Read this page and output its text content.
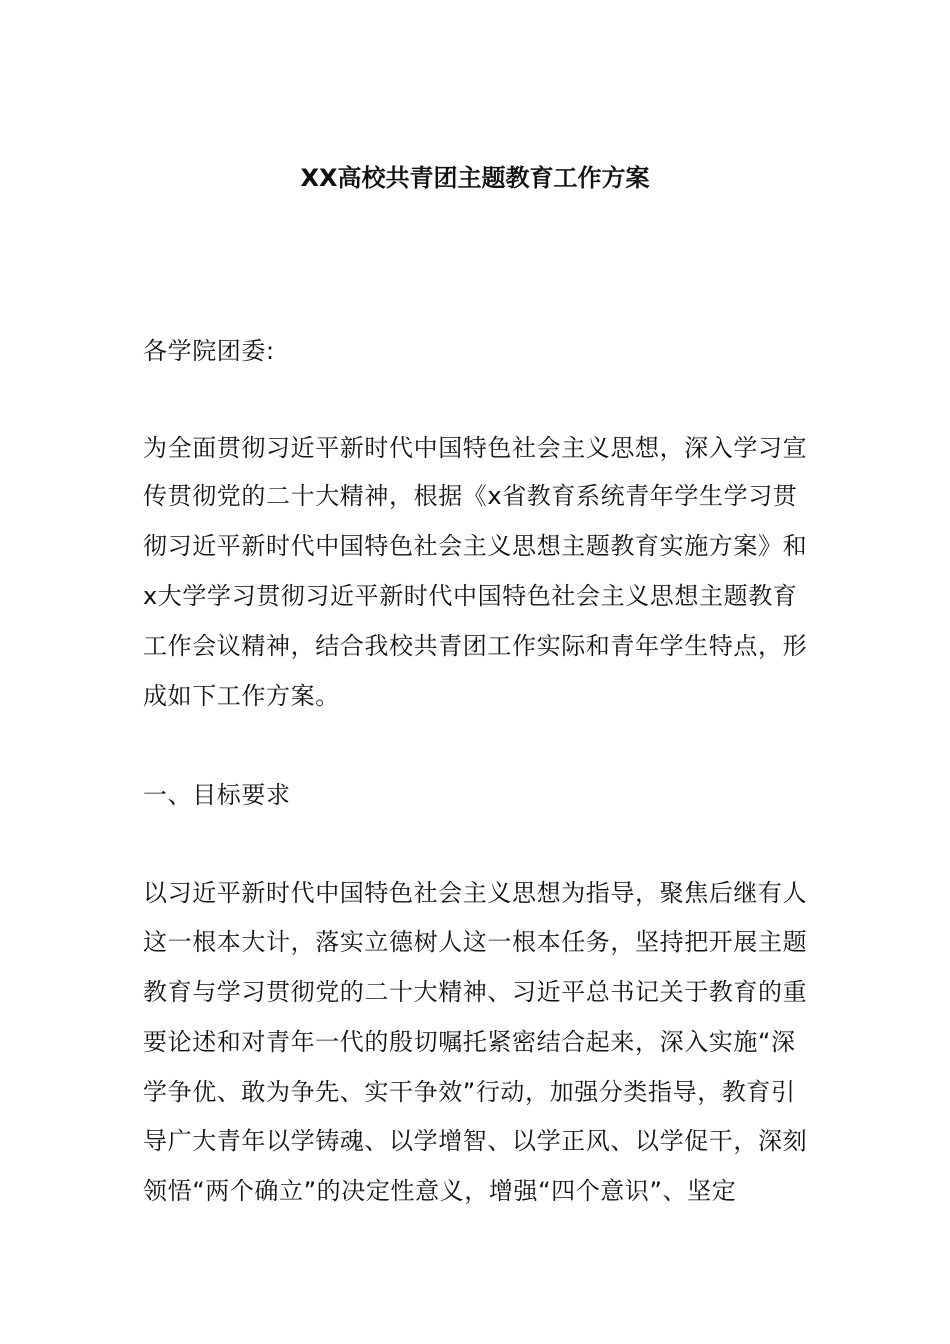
XX高校共青团主题教育工作方案
各学院团委:
为全面贯彻习近平新时代中国特色社会主义思想，深入学习宣
传贯彻党的二十大精神，根据《x省教育系统青年学生学习贯
彻习近平新时代中国特色社会主义思想主题教育实施方案》和
x大学学习贯彻习近平新时代中国特色社会主义思想主题教育
工作会议精神，结合我校共青团工作实际和青年学生特点，形
成如下工作方案。
一、目标要求
以习近平新时代中国特色社会主义思想为指导，聚焦后继有人
这一根本大计，落实立德树人这一根本任务，坚持把开展主题
教育与学习贯彻党的二十大精神、习近平总书记关于教育的重
要论述和对青年一代的殷切嘱托紧密结合起来，深入实施“深
学争优、敢为争先、实干争效”行动，加强分类指导，教育引
导广大青年以学铸魂、以学增智、以学正风、以学促干，深刻
领悟“两个确立”的决定性意义，增强“四个意识”、坚定
